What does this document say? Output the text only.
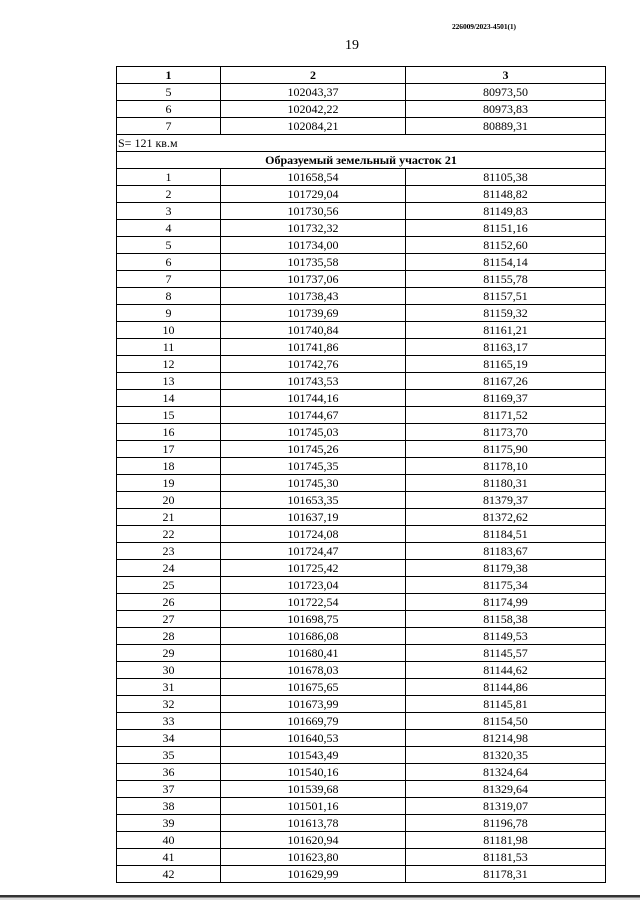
226009/2023-4501(1)
19
1	2	3
5	102043,37	80973,50
6	102042,22	80973,83
7	102084,21	80889,31
S= 121 кв.м		
Образуемый земельный участок 21		
1	101658,54	81105,38
2	101729,04	81148,82
3	101730,56	81149,83
4	101732,32	81151,16
5	101734,00	81152,60
6	101735,58	81154,14
7	101737,06	81155,78
8	101738,43	81157,51
9	101739,69	81159,32
10	101740,84	81161,21
11	101741,86	81163,17
12	101742,76	81165,19
13	101743,53	81167,26
14	101744,16	81169,37
15	101744,67	81171,52
16	101745,03	81173,70
17	101745,26	81175,90
18	101745,35	81178,10
19	101745,30	81180,31
20	101653,35	81379,37
21	101637,19	81372,62
22	101724,08	81184,51
23	101724,47	81183,67
24	101725,42	81179,38
25	101723,04	81175,34
26	101722,54	81174,99
27	101698,75	81158,38
28	101686,08	81149,53
29	101680,41	81145,57
30	101678,03	81144,62
31	101675,65	81144,86
32	101673,99	81145,81
33	101669,79	81154,50
34	101640,53	81214,98
35	101543,49	81320,35
36	101540,16	81324,64
37	101539,68	81329,64
38	101501,16	81319,07
39	101613,78	81196,78
40	101620,94	81181,98
41	101623,80	81181,53
42	101629,99	81178,31
